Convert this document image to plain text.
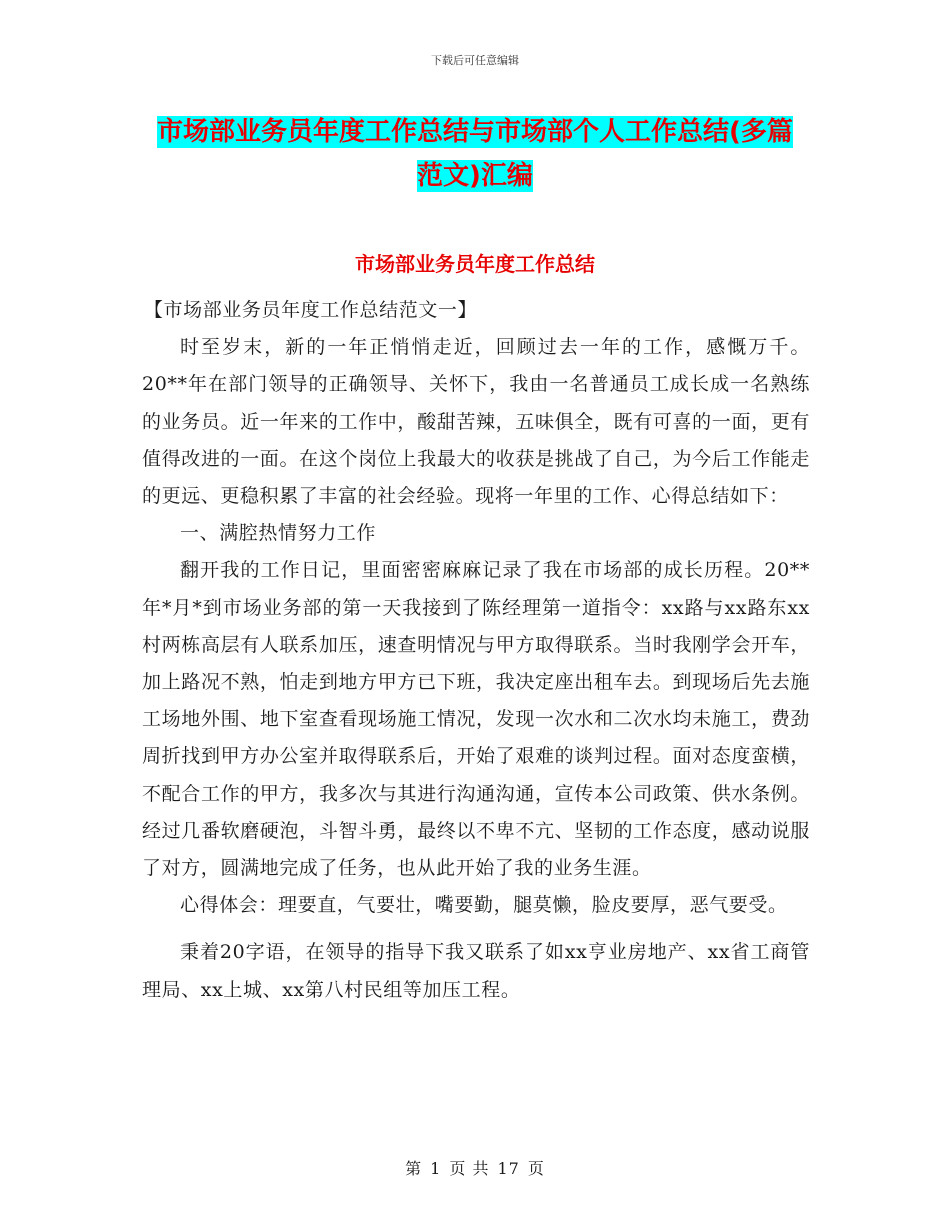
下载后可任意编辑
市场部业务员年度工作总结与市场部个人工作总结(多篇范文)汇编
市场部业务员年度工作总结

【市场部业务员年度工作总结范文一】

时至岁末，新的一年正悄悄走近，回顾过去一年的工作，感慨万千。20**年在部门领导的正确领导、关怀下，我由一名普通员工成长成一名熟练的业务员。近一年来的工作中，酸甜苦辣，五味俱全，既有可喜的一面，更有值得改进的一面。在这个岗位上我最大的收获是挑战了自己，为今后工作能走的更远、更稳积累了丰富的社会经验。现将一年里的工作、心得总结如下：

一、满腔热情努力工作

翻开我的工作日记，里面密密麻麻记录了我在市场部的成长历程。20**年*月*到市场业务部的第一天我接到了陈经理第一道指令：xx路与xx路东xx村两栋高层有人联系加压，速查明情况与甲方取得联系。当时我刚学会开车，加上路况不熟，怕走到地方甲方已下班，我决定座出租车去。到现场后先去施工场地外围、地下室查看现场施工情况，发现一次水和二次水均未施工，费劲周折找到甲方办公室并取得联系后，开始了艰难的谈判过程。面对态度蛮横，不配合工作的甲方，我多次与其进行沟通沟通，宣传本公司政策、供水条例。经过几番软磨硬泡，斗智斗勇，最终以不卑不亢、坚韧的工作态度，感动说服了对方，圆满地完成了任务，也从此开始了我的业务生涯。

心得体会：理要直，气要壮，嘴要勤，腿莫懒，脸皮要厚，恶气要受。

秉着20字语，在领导的指导下我又联系了如xx亨业房地产、xx省工商管理局、xx上城、xx第八村民组等加压工程。

第 1 页 共 17 页
